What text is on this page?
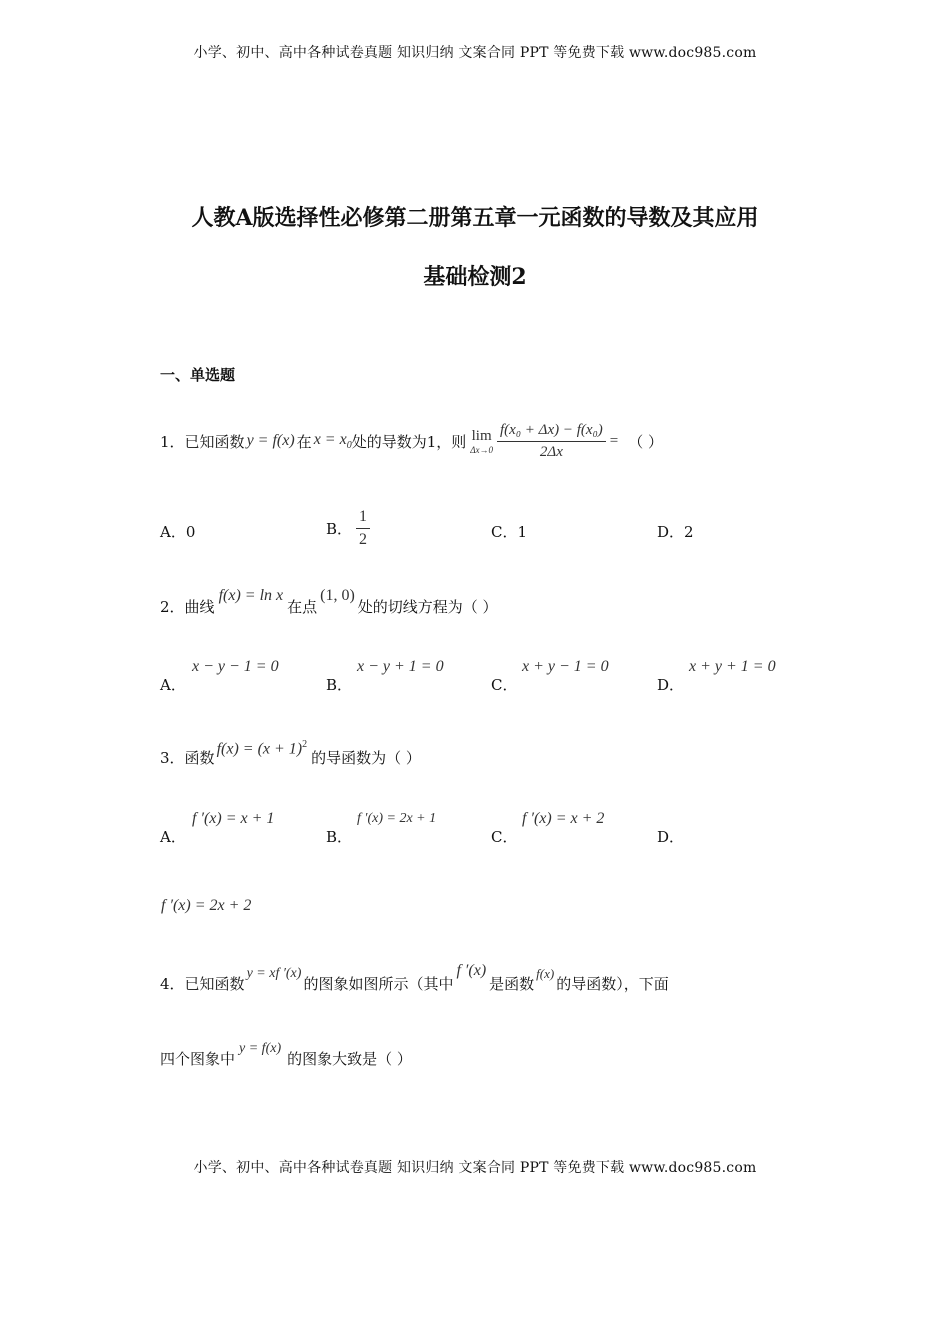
小学、初中、高中各种试卷真题 知识归纳 文案合同 PPT 等免费下载 www.doc985.com
人教A版选择性必修第二册第五章一元函数的导数及其应用
基础检测2
一、单选题
1． 已知函数 y = f(x) 在 $x = x_0$ 处的导数为1，则 lim
$\Delta x\to 0 \frac{\text{f(x₀ + Δx) − f(x₀)}}{2\Delta x}$ = （ ）
A．0	B． $\frac{1}{2}$	C．1	D．2
2． 曲线
f(x) = ln x
在点
(1, 0)
处的切线方程为（ ）
A．
x − y − 1 = 0
B．
x − y + 1 = 0
C．
x + y − 1 = 0
D．
x + y + 1 = 0
3． 函数
$f(x) = (x + 1)^2$
的导函数为（ ）
A．
f ′(x) = x + 1
B．
f ′(x) = 2x + 1
C．
f ′(x) = x + 2
D．
f ′(x) = 2x + 2
4． 已知函数
y = xf ′(x)
的图象如图所示（其中
f ′(x)
是函数
f(x)
的导函数），下面
四个图象中
y = f(x)
的图象大致是（ ）
小学、初中、高中各种试卷真题 知识归纳 文案合同 PPT 等免费下载 www.doc985.com
